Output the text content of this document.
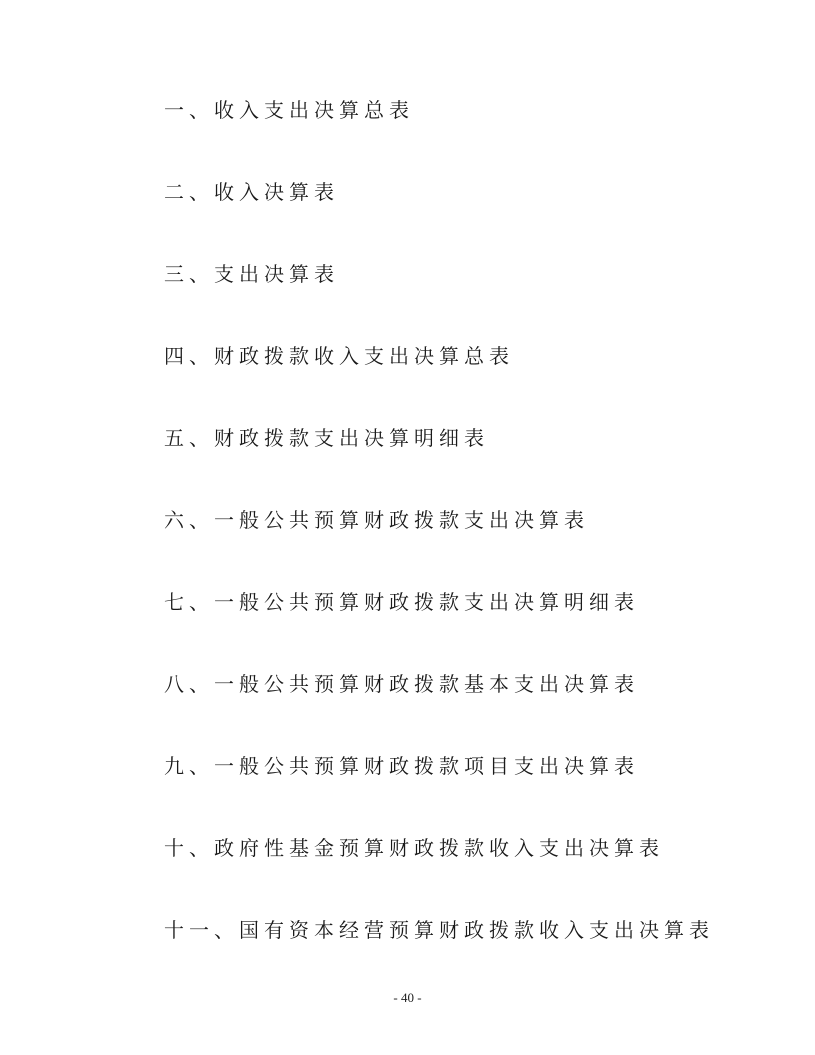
一、收入支出决算总表
二、收入决算表
三、支出决算表
四、财政拨款收入支出决算总表
五、财政拨款支出决算明细表
六、一般公共预算财政拨款支出决算表
七、一般公共预算财政拨款支出决算明细表
八、一般公共预算财政拨款基本支出决算表
九、一般公共预算财政拨款项目支出决算表
十、政府性基金预算财政拨款收入支出决算表
十一、国有资本经营预算财政拨款收入支出决算表
- 40 -
